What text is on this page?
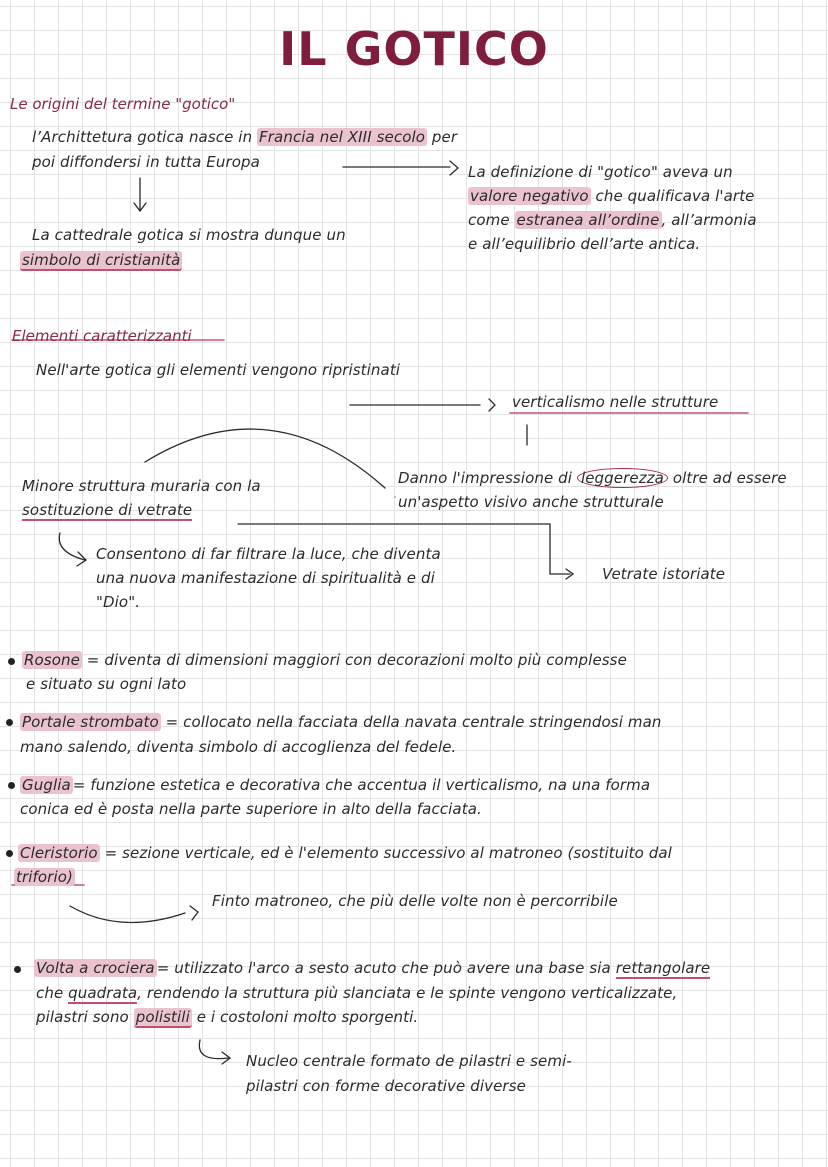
IL GOTICO
Le origini del termine "gotico"
l’Archittetura gotica nasce in Francia nel XIII secolo per
poi diffondersi in tutta Europa
La cattedrale gotica si mostra dunque un
simbolo di cristianità
La definizione di "gotico" aveva un
valore negativo che qualificava l'arte
come estranea all’ordine , all’armonia
e all’equilibrio dell’arte antica.
Elementi caratterizzanti
Nell'arte gotica gli elementi vengono ripristinati
verticalismo nelle strutture
Minore struttura muraria con la
sostituzione di vetrate
Danno l'impressione di leggerezza oltre ad essere
un'aspetto visivo anche strutturale
Consentono di far filtrare la luce, che diventa
una nuova manifestazione di spiritualità e di
"Dio".
Vetrate istoriate
Rosone = diventa di dimensioni maggiori con decorazioni molto più complesse
e situato su ogni lato
Portale strombato = collocato nella facciata della navata centrale stringendosi man
mano salendo, diventa simbolo di accoglienza del fedele.
Guglia = funzione estetica e decorativa che accentua il verticalismo, na una forma
conica ed è posta nella parte superiore in alto della facciata.
Cleristorio = sezione verticale, ed è l'elemento successivo al matroneo (sostituito dal
triforio)
Finto matroneo, che più delle volte non è percorribile
Volta a crociera = utilizzato l'arco a sesto acuto che può avere una base sia rettangolare
che quadrata, rendendo la struttura più slanciata e le spinte vengono verticalizzate,
pilastri sono polistili e i costoloni molto sporgenti.
Nucleo centrale formato de pilastri e semi-
pilastri con forme decorative diverse
